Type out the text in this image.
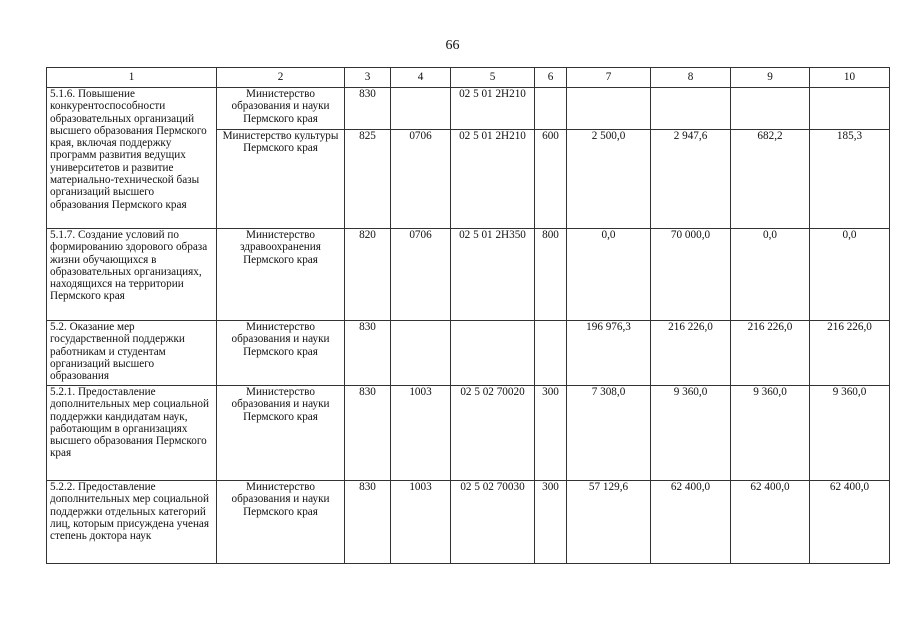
66
1	2	3	4	5	6	7	8	9	10
5.1.6. Повышение конкурентоспособности образовательных организаций высшего образования Пермского края, включая поддержку программ развития ведущих университетов и развитие материально-технической базы организаций высшего образования Пермского края	Министерство образования и науки Пермского края	830		02 5 01 2Н210					
	Министерство культуры Пермского края	825	0706	02 5 01 2Н210	600	2 500,0	2 947,6	682,2	185,3
5.1.7. Создание условий по формированию здорового образа жизни обучающихся в образовательных организациях, находящихся на территории Пермского края	Министерство здравоохранения Пермского края	820	0706	02 5 01 2Н350	800	0,0	70 000,0	0,0	0,0
5.2. Оказание мер государственной поддержки работникам и студентам организаций высшего образования	Министерство образования и науки Пермского края	830				196 976,3	216 226,0	216 226,0	216 226,0
5.2.1. Предоставление дополнительных мер социальной поддержки кандидатам наук, работающим в организациях высшего образования Пермского края	Министерство образования и науки Пермского края	830	1003	02 5 02 70020	300	7 308,0	9 360,0	9 360,0	9 360,0
5.2.2. Предоставление дополнительных мер социальной поддержки отдельных категорий лиц, которым присуждена ученая степень доктора наук	Министерство образования и науки Пермского края	830	1003	02 5 02 70030	300	57 129,6	62 400,0	62 400,0	62 400,0
